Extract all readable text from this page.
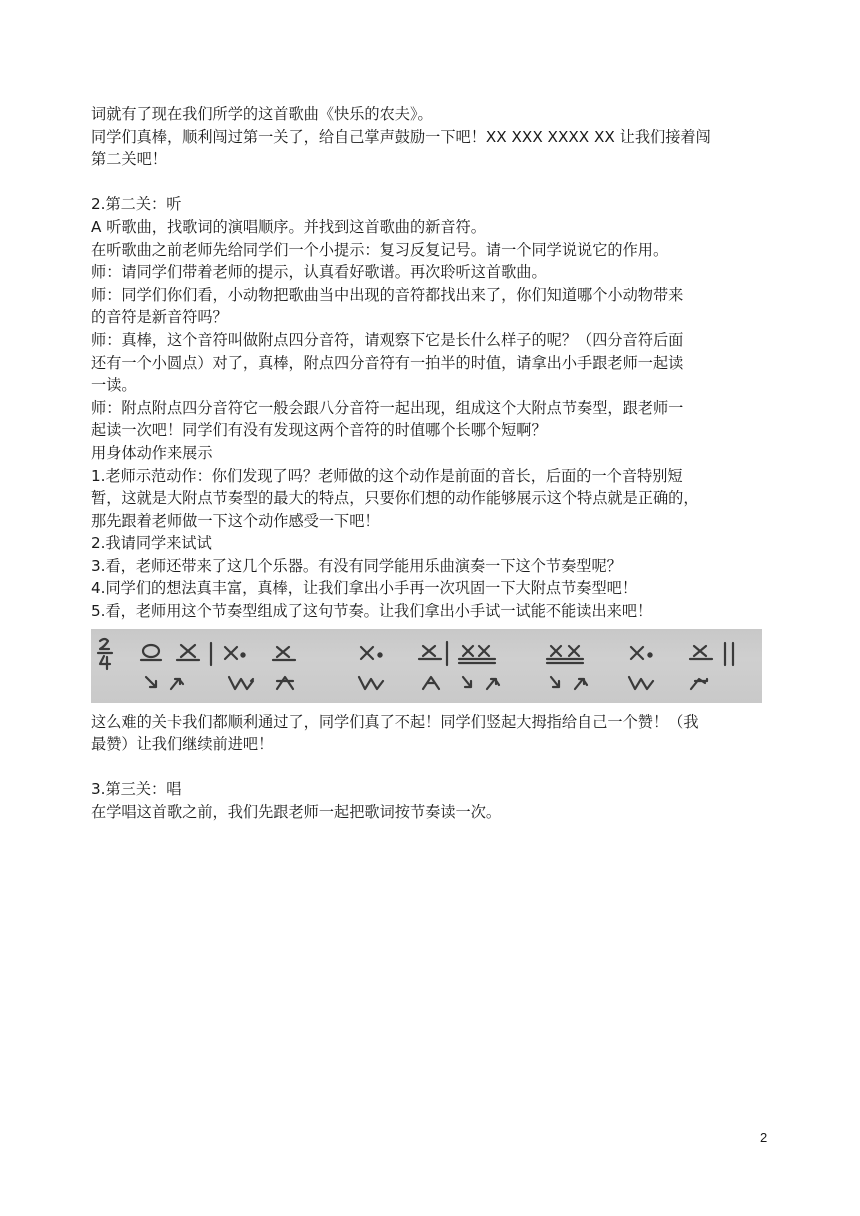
词就有了现在我们所学的这首歌曲《快乐的农夫》。

同学们真棒，顺利闯过第一关了，给自己掌声鼓励一下吧！XX XXX XXXX XX 让我们接着闯

第二关吧！

2.第二关：听

A 听歌曲，找歌词的演唱顺序。并找到这首歌曲的新音符。

在听歌曲之前老师先给同学们一个小提示：复习反复记号。请一个同学说说它的作用。

师：请同学们带着老师的提示，认真看好歌谱。再次聆听这首歌曲。

师：同学们你们看，小动物把歌曲当中出现的音符都找出来了，你们知道哪个小动物带来

的音符是新音符吗？

师：真棒，这个音符叫做附点四分音符，请观察下它是长什么样子的呢？（四分音符后面

还有一个小圆点）对了，真棒，附点四分音符有一拍半的时值，请拿出小手跟老师一起读

一读。

师：附点附点四分音符它一般会跟八分音符一起出现，组成这个大附点节奏型，跟老师一

起读一次吧！同学们有没有发现这两个音符的时值哪个长哪个短啊？

用身体动作来展示

1.老师示范动作：你们发现了吗？老师做的这个动作是前面的音长，后面的一个音特别短

暂，这就是大附点节奏型的最大的特点，只要你们想的动作能够展示这个特点就是正确的，

那先跟着老师做一下这个动作感受一下吧！

2.我请同学来试试

3.看，老师还带来了这几个乐器。有没有同学能用乐曲演奏一下这个节奏型呢？

4.同学们的想法真丰富，真棒，让我们拿出小手再一次巩固一下大附点节奏型吧！

5.看，老师用这个节奏型组成了这句节奏。让我们拿出小手试一试能不能读出来吧！

这么难的关卡我们都顺利通过了，同学们真了不起！同学们竖起大拇指给自己一个赞！（我

最赞）让我们继续前进吧！

3.第三关：唱

在学唱这首歌之前，我们先跟老师一起把歌词按节奏读一次。

2
